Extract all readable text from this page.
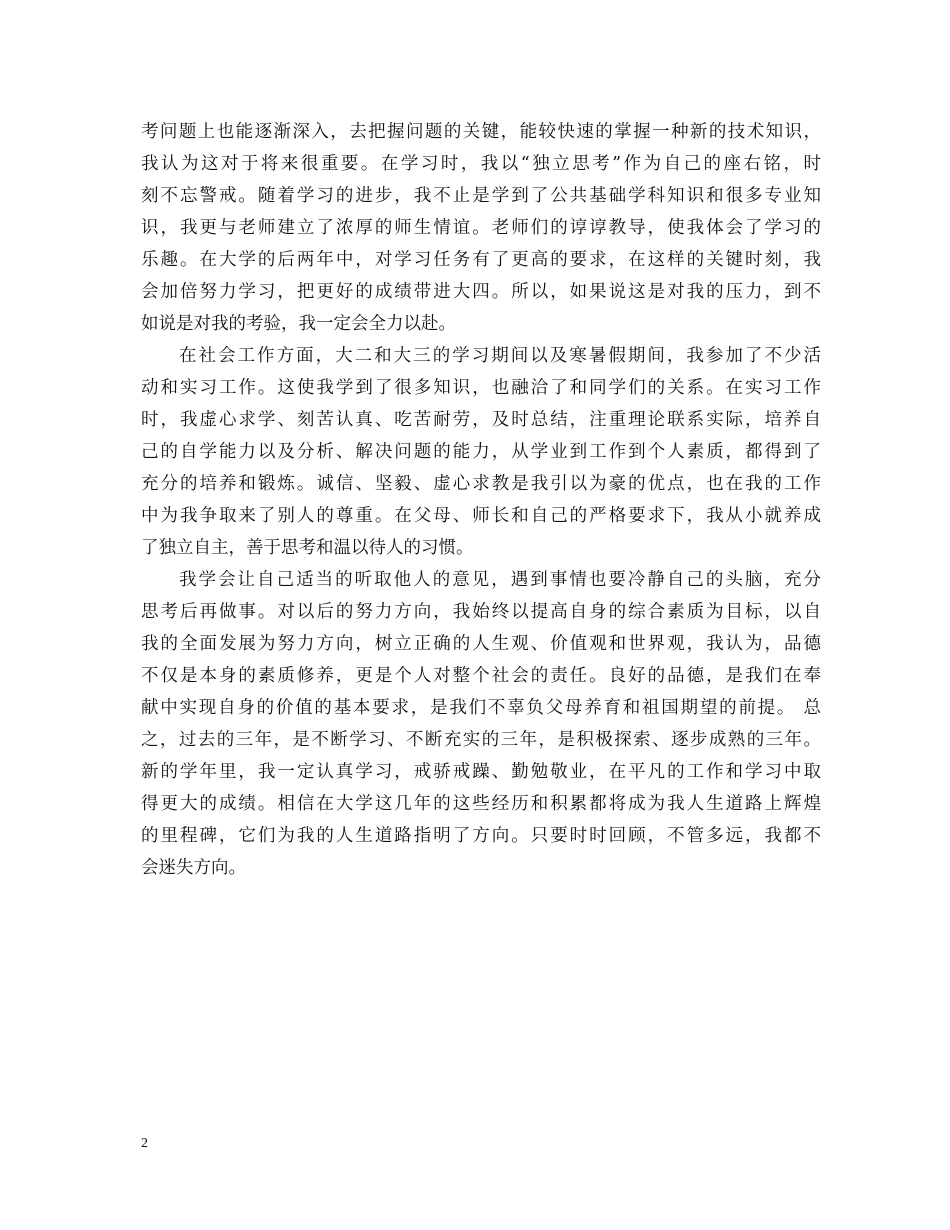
考问题上也能逐渐深入，去把握问题的关键，能较快速的掌握一种新的技术知识，
我认为这对于将来很重要。在学习时，我以“独立思考”作为自己的座右铭，时
刻不忘警戒。随着学习的进步，我不止是学到了公共基础学科知识和很多专业知
识，我更与老师建立了浓厚的师生情谊。老师们的谆谆教导，使我体会了学习的
乐趣。在大学的后两年中，对学习任务有了更高的要求，在这样的关键时刻，我
会加倍努力学习，把更好的成绩带进大四。所以，如果说这是对我的压力，到不
如说是对我的考验，我一定会全力以赴。
在社会工作方面，大二和大三的学习期间以及寒暑假期间，我参加了不少活
动和实习工作。这使我学到了很多知识，也融洽了和同学们的关系。在实习工作
时，我虚心求学、刻苦认真、吃苦耐劳，及时总结，注重理论联系实际，培养自
己的自学能力以及分析、解决问题的能力，从学业到工作到个人素质，都得到了
充分的培养和锻炼。诚信、坚毅、虚心求教是我引以为豪的优点，也在我的工作
中为我争取来了别人的尊重。在父母、师长和自己的严格要求下，我从小就养成
了独立自主，善于思考和温以待人的习惯。
我学会让自己适当的听取他人的意见，遇到事情也要冷静自己的头脑，充分
思考后再做事。对以后的努力方向，我始终以提高自身的综合素质为目标，以自
我的全面发展为努力方向，树立正确的人生观、价值观和世界观，我认为，品德
不仅是本身的素质修养，更是个人对整个社会的责任。良好的品德，是我们在奉
献中实现自身的价值的基本要求，是我们不辜负父母养育和祖国期望的前提。 总
之，过去的三年，是不断学习、不断充实的三年，是积极探索、逐步成熟的三年。
新的学年里，我一定认真学习，戒骄戒躁、勤勉敬业，在平凡的工作和学习中取
得更大的成绩。相信在大学这几年的这些经历和积累都将成为我人生道路上辉煌
的里程碑，它们为我的人生道路指明了方向。只要时时回顾，不管多远，我都不
会迷失方向。
2
